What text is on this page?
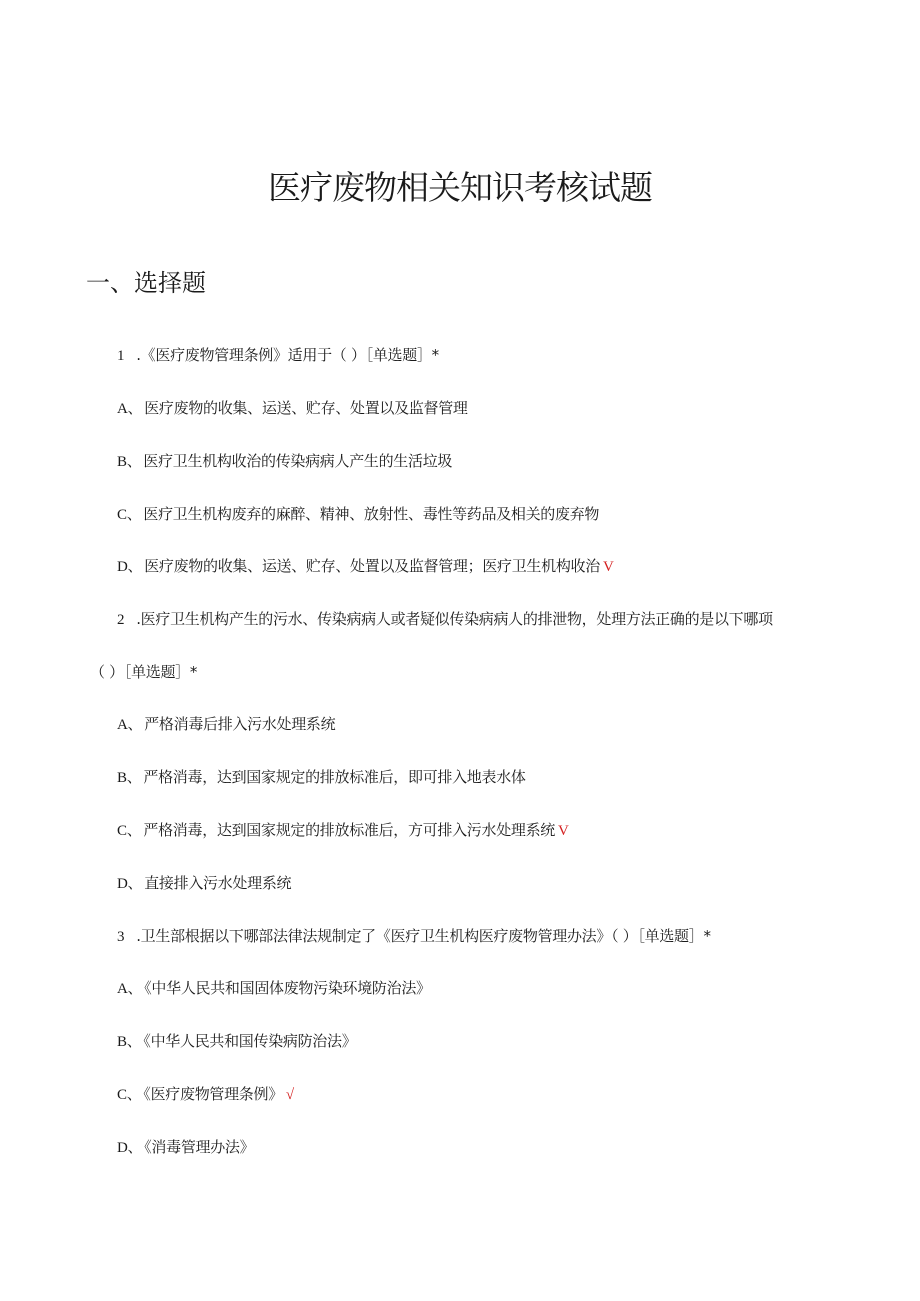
医疗废物相关知识考核试题
一、选择题
1 .《医疗废物管理条例》适用于（ ）［单选题］*
A、 医疗废物的收集、运送、贮存、处置以及监督管理
B、 医疗卫生机构收治的传染病病人产生的生活垃圾
C、 医疗卫生机构废弃的麻醉、精神、放射性、毒性等药品及相关的废弃物
D、 医疗废物的收集、运送、贮存、处置以及监督管理；医疗卫生机构收治 V
2 .医疗卫生机构产生的污水、传染病病人或者疑似传染病病人的排泄物，处理方法正确的是以下哪项
（ ）［单选题］*
A、 严格消毒后排入污水处理系统
B、 严格消毒，达到国家规定的排放标准后，即可排入地表水体
C、 严格消毒，达到国家规定的排放标准后，方可排入污水处理系统 V
D、 直接排入污水处理系统
3 .卫生部根据以下哪部法律法规制定了《医疗卫生机构医疗废物管理办法》（ ）［单选题］*
A、 《中华人民共和国固体废物污染环境防治法》
B、 《中华人民共和国传染病防治法》
C、 《医疗废物管理条例》 √
D、 《消毒管理办法》
